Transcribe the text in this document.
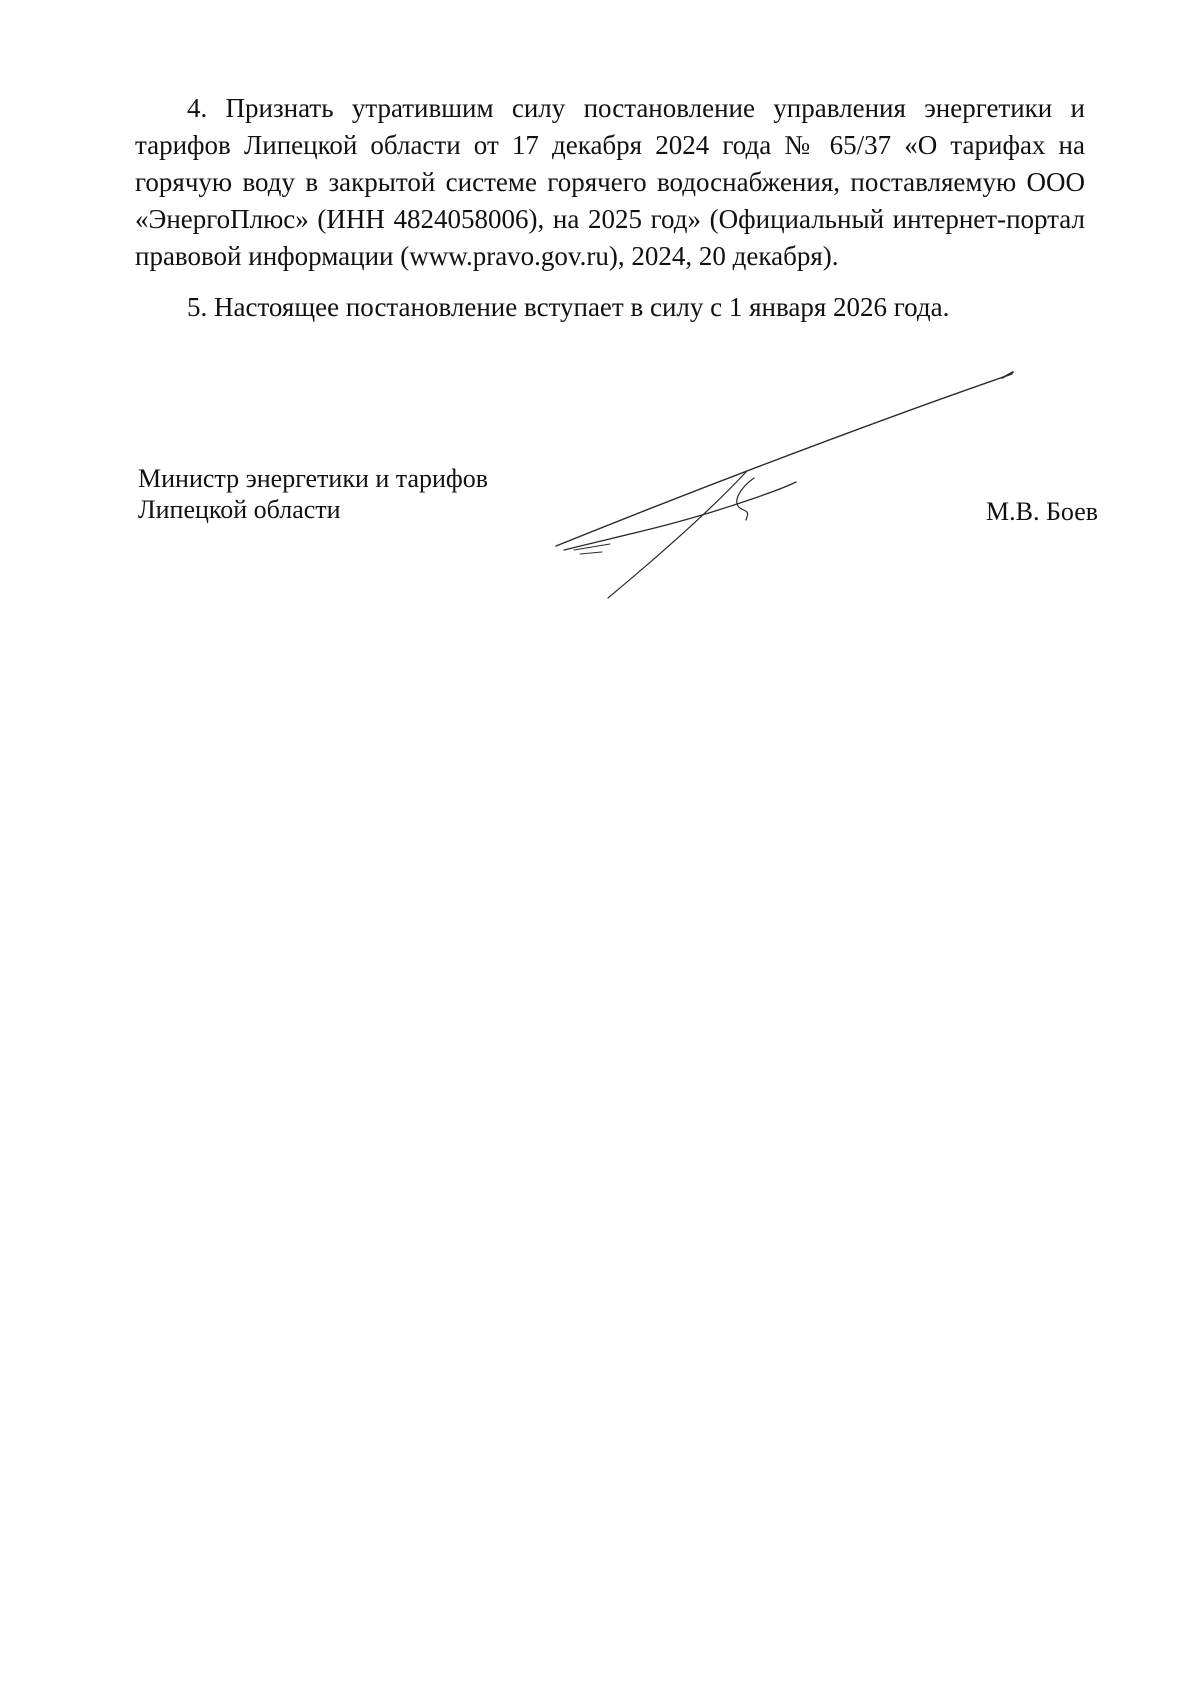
4. Признать утратившим силу постановление управления энергетики и тарифов Липецкой области от 17 декабря 2024 года № 65/37 «О тарифах на горячую воду в закрытой системе горячего водоснабжения, поставляемую ООО «ЭнергоПлюс» (ИНН 4824058006), на 2025 год» (Официальный интернет-портал правовой информации (www.pravo.gov.ru), 2024, 20 декабря).

5. Настоящее постановление вступает в силу с 1 января 2026 года.

Министр энергетики и тарифов
Липецкой области	М.В. Боев
